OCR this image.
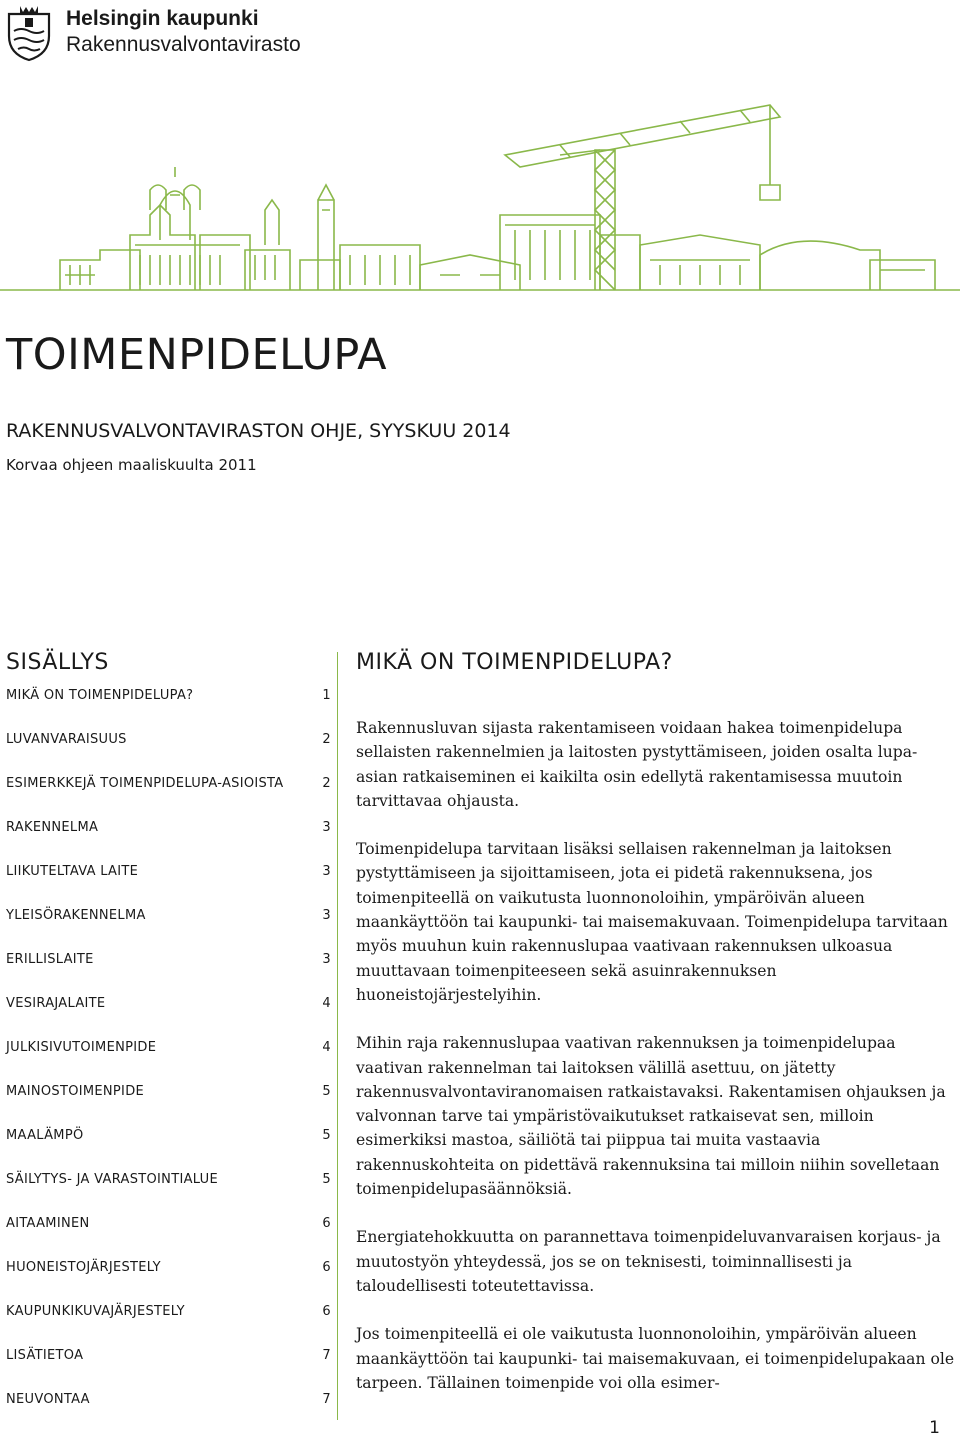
Helsingin kaupunki
Rakennusvalvontavirasto
TOIMENPIDELUPA
RAKENNUSVALVONTAVIRASTON OHJE, SYYSKUU 2014
Korvaa ohjeen maaliskuulta 2011
SISÄLLYS
MIKÄ ON TOIMENPIDELUPA?	1
LUVANVARAISUUS	2
ESIMERKKEJÄ TOIMENPIDELUPA-ASIOISTA	2
RAKENNELMA	3
LIIKUTELTAVA LAITE	3
YLEISÖRAKENNELMA	3
ERILLISLAITE	3
VESIRAJALAITE	4
JULKISIVUTOIMENPIDE	4
MAINOSTOIMENPIDE	5
MAALÄMPÖ	5
SÄILYTYS- JA VARASTOINTIALUE	5
AITAAMINEN	6
HUONEISTOJÄRJESTELY	6
KAUPUNKIKUVAJÄRJESTELY	6
LISÄTIETOA	7
NEUVONTAA	7
MIKÄ ON TOIMENPIDELUPA?

Rakennusluvan sijasta rakentamiseen voidaan hakea toimenpidelupa sellaisten rakennelmien ja laitosten pystyttämiseen, joiden osalta lupa-asian ratkaiseminen ei kaikilta osin edellytä rakentamisessa muutoin tarvittavaa ohjausta.

Toimenpidelupa tarvitaan lisäksi sellaisen rakennelman ja laitoksen pystyttämiseen ja sijoittamiseen, jota ei pidetä rakennuksena, jos toimenpiteellä on vaikutusta luonnonoloihin, ympäröivän alueen maankäyttöön tai kaupunki- tai maisemakuvaan. Toimenpidelupa tarvitaan myös muuhun kuin rakennuslupaa vaativaan rakennuksen ulkoasua muuttavaan toimenpiteeseen sekä asuinrakennuksen huoneistojärjestelyihin.

Mihin raja rakennuslupaa vaativan rakennuksen ja toimenpidelupaa vaativan rakennelman tai laitoksen välillä asettuu, on jätetty rakennusvalvontaviranomaisen ratkaistavaksi. Rakentamisen ohjauksen ja valvonnan tarve tai ympäristövaikutukset ratkaisevat sen, milloin esimerkiksi mastoa, säiliötä tai piippua tai muita vastaavia rakennuskohteita on pidettävä rakennuksina tai milloin niihin sovelletaan toimenpidelupasäännöksiä.

Energiatehokkuutta on parannettava toimenpideluvanvaraisen korjaus- ja muutostyön yhteydessä, jos se on teknisesti, toiminnallisesti ja taloudellisesti toteutettavissa.

Jos toimenpiteellä ei ole vaikutusta luonnonoloihin, ympäröivän alueen maankäyttöön tai kaupunki- tai maisemakuvaan, ei toimenpidelupakaan ole tarpeen. Tällainen toimenpide voi olla esimer-

1
